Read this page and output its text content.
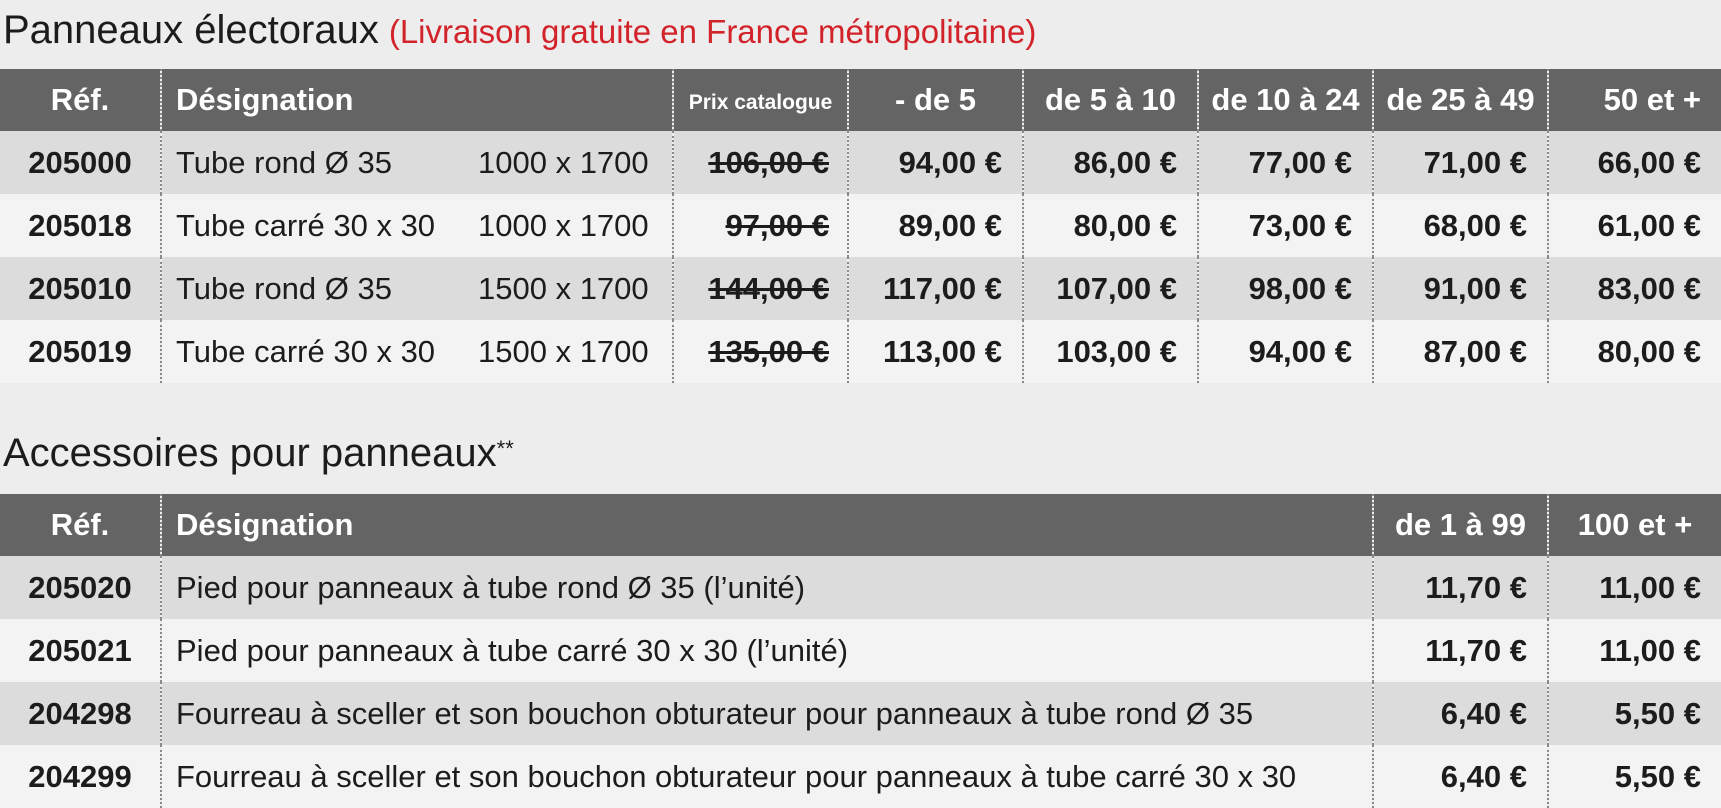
Panneaux électoraux (Livraison gratuite en France métropolitaine)
Réf.	Désignation	Prix catalogue	- de 5	de 5 à 10	de 10 à 24	de 25 à 49	50 et +
205000	Tube rond Ø 35 1000 x 1700	106,00 €	94,00 €	86,00 €	77,00 €	71,00 €	66,00 €
205018	Tube carré 30 x 30 1000 x 1700	97,00 €	89,00 €	80,00 €	73,00 €	68,00 €	61,00 €
205010	Tube rond Ø 35 1500 x 1700	144,00 €	117,00 €	107,00 €	98,00 €	91,00 €	83,00 €
205019	Tube carré 30 x 30 1500 x 1700	135,00 €	113,00 €	103,00 €	94,00 €	87,00 €	80,00 €
Accessoires pour panneaux**
Réf.	Désignation	de 1 à 99	100 et +
205020	Pied pour panneaux à tube rond Ø 35 (l’unité)	11,70 €	11,00 €
205021	Pied pour panneaux à tube carré 30 x 30 (l’unité)	11,70 €	11,00 €
204298	Fourreau à sceller et son bouchon obturateur pour panneaux à tube rond Ø 35	6,40 €	5,50 €
204299	Fourreau à sceller et son bouchon obturateur pour panneaux à tube carré 30 x 30	6,40 €	5,50 €
